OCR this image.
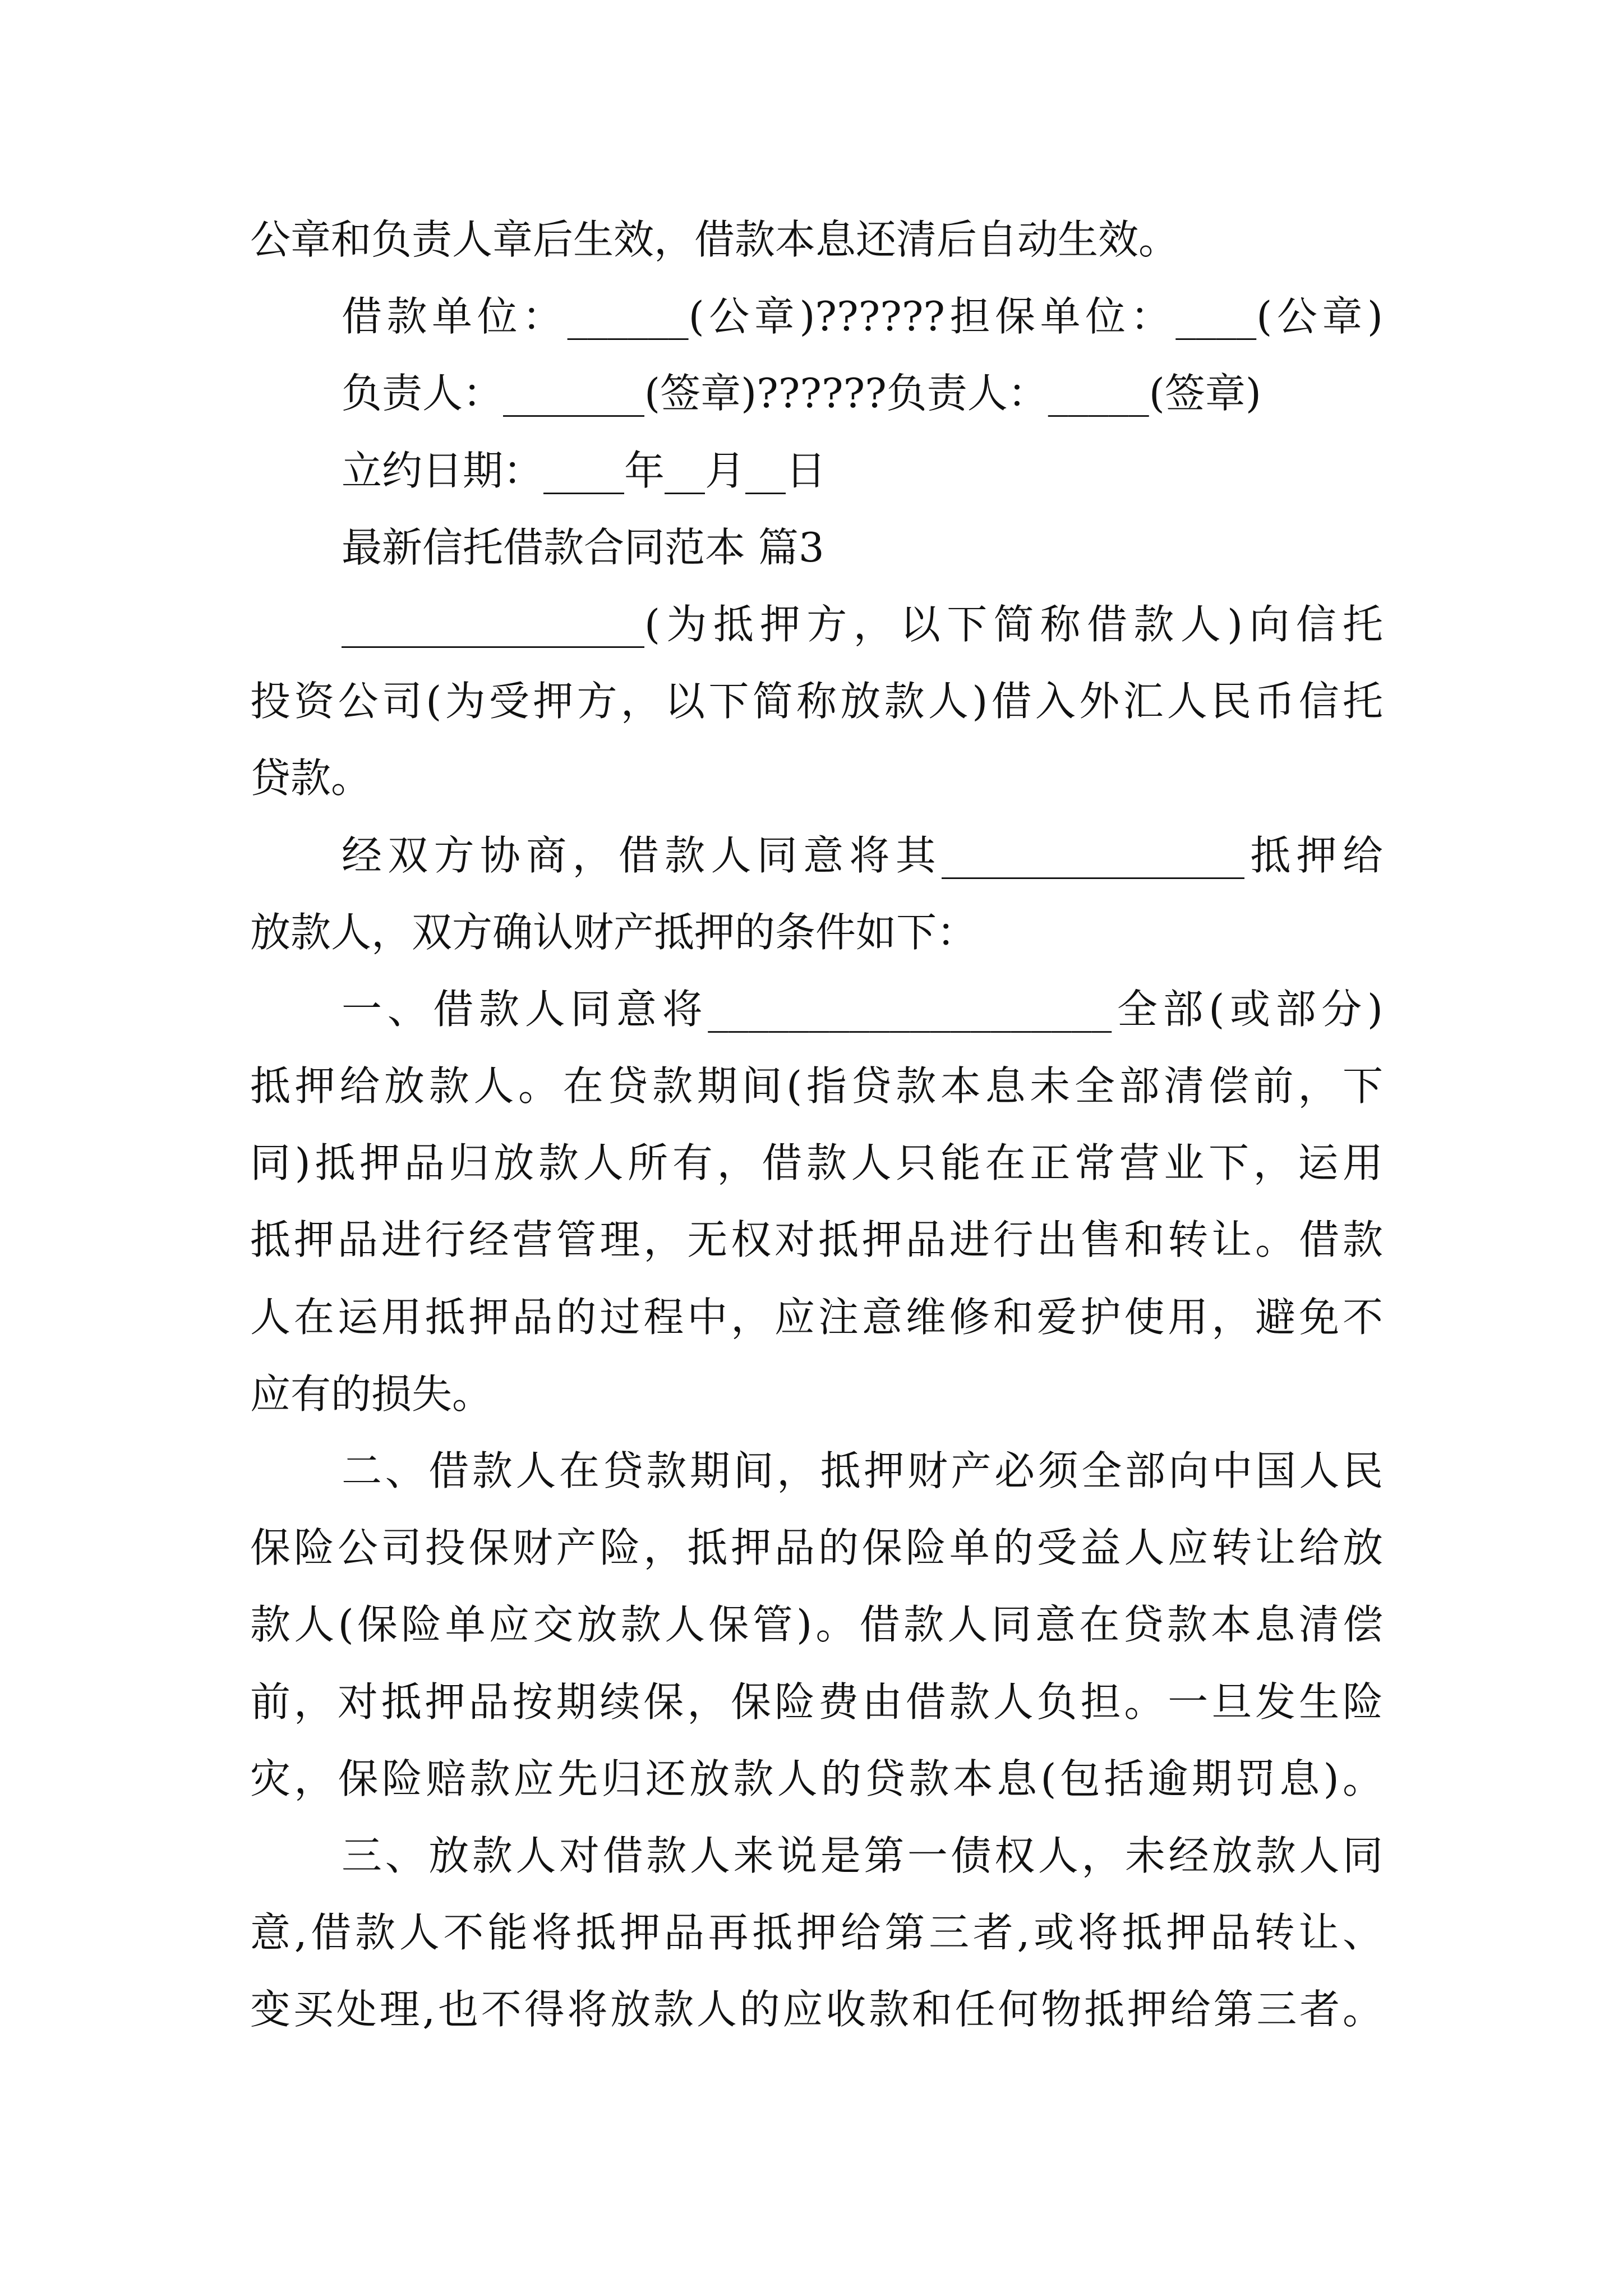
公章和负责人章后生效，借款本息还清后自动生效。
借款单位：______(公章)??????担保单位：____(公章)
负责人：_______(签章)??????负责人：_____(签章)
立约日期：____年__月__日
最新信托借款合同范本 篇3
_______________(为抵押方，以下简称借款人)向信托
投资公司(为受押方，以下简称放款人)借入外汇人民币信托
贷款。
经双方协商，借款人同意将其_______________抵押给
放款人，双方确认财产抵押的条件如下：
一、借款人同意将____________________全部(或部分)
抵押给放款人。在贷款期间(指贷款本息未全部清偿前，下
同)抵押品归放款人所有，借款人只能在正常营业下，运用
抵押品进行经营管理，无权对抵押品进行出售和转让。借款
人在运用抵押品的过程中，应注意维修和爱护使用，避免不
应有的损失。
二、借款人在贷款期间，抵押财产必须全部向中国人民
保险公司投保财产险，抵押品的保险单的受益人应转让给放
款人(保险单应交放款人保管)。借款人同意在贷款本息清偿
前，对抵押品按期续保，保险费由借款人负担。一旦发生险
灾，保险赔款应先归还放款人的贷款本息(包括逾期罚息)。
三、放款人对借款人来说是第一债权人，未经放款人同
意,借款人不能将抵押品再抵押给第三者,或将抵押品转让、
变买处理,也不得将放款人的应收款和任何物抵押给第三者。
